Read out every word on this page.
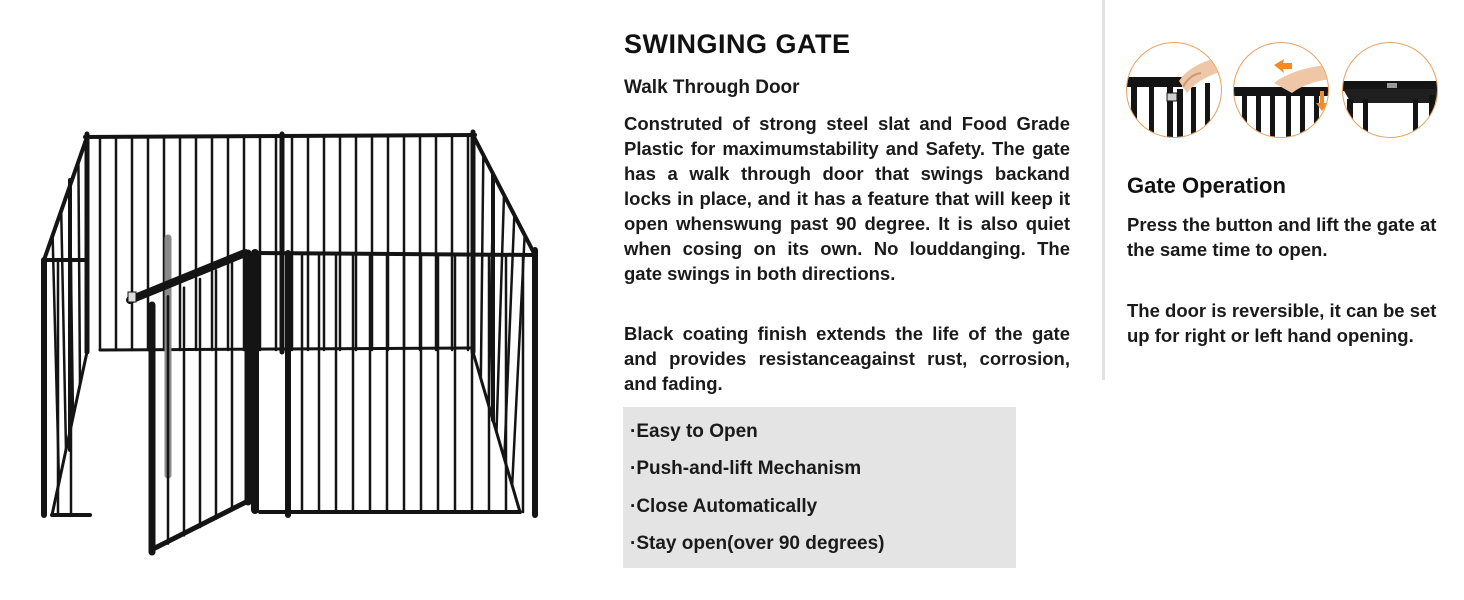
SWINGING GATE
Walk Through Door
Construted of strong steel slat and Food Grade Plastic for maximumstability and Safety. The gate has a walk through door that swings backand locks in place, and it has a feature that will keep it open whenswung past 90 degree. It is also quiet when cosing on its own. No louddanging. The gate swings in both directions.
Black coating finish extends the life of the gate and provides resistanceagainst rust, corrosion, and fading.
·Easy to Open
·Push-and-lift Mechanism
·Close Automatically
·Stay open(over 90 degrees)
Gate Operation
Press the button and lift the gate at the same time to open.
The door is reversible, it can be set up for right or left hand opening.
